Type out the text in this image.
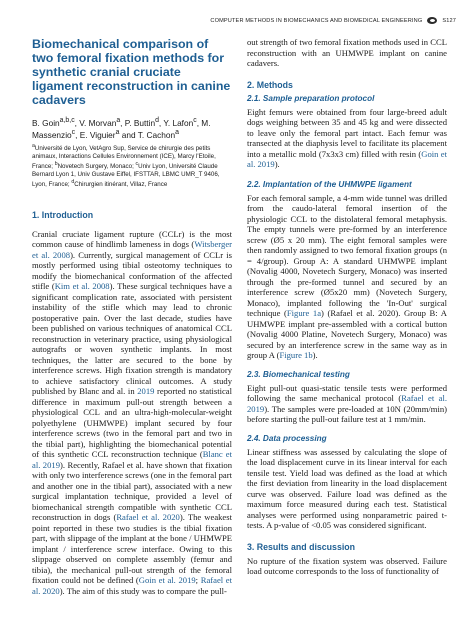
COMPUTER METHODS IN BIOMECHANICS AND BIOMEDICAL ENGINEERING	S127
Biomechanical comparison of two femoral fixation methods for synthetic cranial cruciate ligament reconstruction in canine cadavers
B. Goin$^{a,b,c}$, V. Morvan$^a$, P. Buttin$^d$, Y. Lafon$^c$, M. Massenzio$^c$, E. Viguier$^a$ and T. Cachon$^a$
$^a$Université de Lyon, VetAgro Sup, Service de chirurgie des petits animaux, Interactions Cellules Environnement (ICE), Marcy l'Etoile, France; $^b$Novetech Surgery, Monaco; $^c$Univ Lyon, Université Claude Bernard Lyon 1, Univ Gustave Eiffel, IFSTTAR, LBMC UMR_T 9406, Lyon, France; $^d$Chirurgien itinérant, Villaz, France
1. Introduction

Cranial cruciate ligament rupture (CCLr) is the most common cause of hindlimb lameness in dogs (Witsberger et al. 2008). Currently, surgical management of CCLr is mostly performed using tibial osteotomy techniques to modify the biomechanical conformation of the affected stifle (Kim et al. 2008). These surgical techniques have a significant complication rate, associated with persistent instability of the stifle which may lead to chronic postoperative pain. Over the last decade, studies have been published on various techniques of anatomical CCL reconstruction in veterinary practice, using physiological autografts or woven synthetic implants. In most techniques, the latter are secured to the bone by interference screws. High fixation strength is mandatory to achieve satisfactory clinical outcomes. A study published by Blanc and al. in 2019 reported no statistical difference in maximum pull-out strength between a physiological CCL and an ultra-high-molecular-weight polyethylene (UHMWPE) implant secured by four interference screws (two in the femoral part and two in the tibial part), highlighting the biomechanical potential of this synthetic CCL reconstruction technique (Blanc et al. 2019). Recently, Rafael et al. have shown that fixation with only two interference screws (one in the femoral part and another one in the tibial part), associated with a new surgical implantation technique, provided a level of biomechanical strength compatible with synthetic CCL reconstruction in dogs (Rafael et al. 2020). The weakest point reported in these two studies is the tibial fixation part, with slippage of the implant at the bone / UHMWPE implant / interference screw interface. Owing to this slippage observed on complete assembly (femur and tibia), the mechanical pull-out strength of the femoral fixation could not be defined (Goin et al. 2019; Rafael et al. 2020). The aim of this study was to compare the pull-

out strength of two femoral fixation methods used in CCL reconstruction with an UHMWPE implant on canine cadavers.

2. Methods
2.1. Sample preparation protocol

Eight femurs were obtained from four large-breed adult dogs weighing between 35 and 45 kg and were dissected to leave only the femoral part intact. Each femur was transected at the diaphysis level to facilitate its placement into a metallic mold (7x3x3 cm) filled with resin (Goin et al. 2019).

2.2. Implantation of the UHMWPE ligament

For each femoral sample, a 4-mm wide tunnel was drilled from the caudo-lateral femoral insertion of the physiologic CCL to the distolateral femoral metaphysis. The empty tunnels were pre-formed by an interference screw (Ø5 x 20 mm). The eight femoral samples were then randomly assigned to two femoral fixation groups (n = 4/group). Group A: A standard UHMWPE implant (Novalig 4000, Novetech Surgery, Monaco) was inserted through the pre-formed tunnel and secured by an interference screw (Ø5x20 mm) (Novetech Surgery, Monaco), implanted following the 'In-Out' surgical technique (Figure 1a) (Rafael et al. 2020). Group B: A UHMWPE implant pre-assembled with a cortical button (Novalig 4000 Platine, Novetech Surgery, Monaco) was secured by an interference screw in the same way as in group A (Figure 1b).

2.3. Biomechanical testing

Eight pull-out quasi-static tensile tests were performed following the same mechanical protocol (Rafael et al. 2019). The samples were pre-loaded at 10N (20mm/min) before starting the pull-out failure test at 1 mm/min.

2.4. Data processing

Linear stiffness was assessed by calculating the slope of the load displacement curve in its linear interval for each tensile test. Yield load was defined as the load at which the first deviation from linearity in the load displacement curve was observed. Failure load was defined as the maximum force measured during each test. Statistical analyses were performed using nonparametric paired t-tests. A p-value of <0.05 was considered significant.

3. Results and discussion

No rupture of the fixation system was observed. Failure load outcome corresponds to the loss of functionality of
